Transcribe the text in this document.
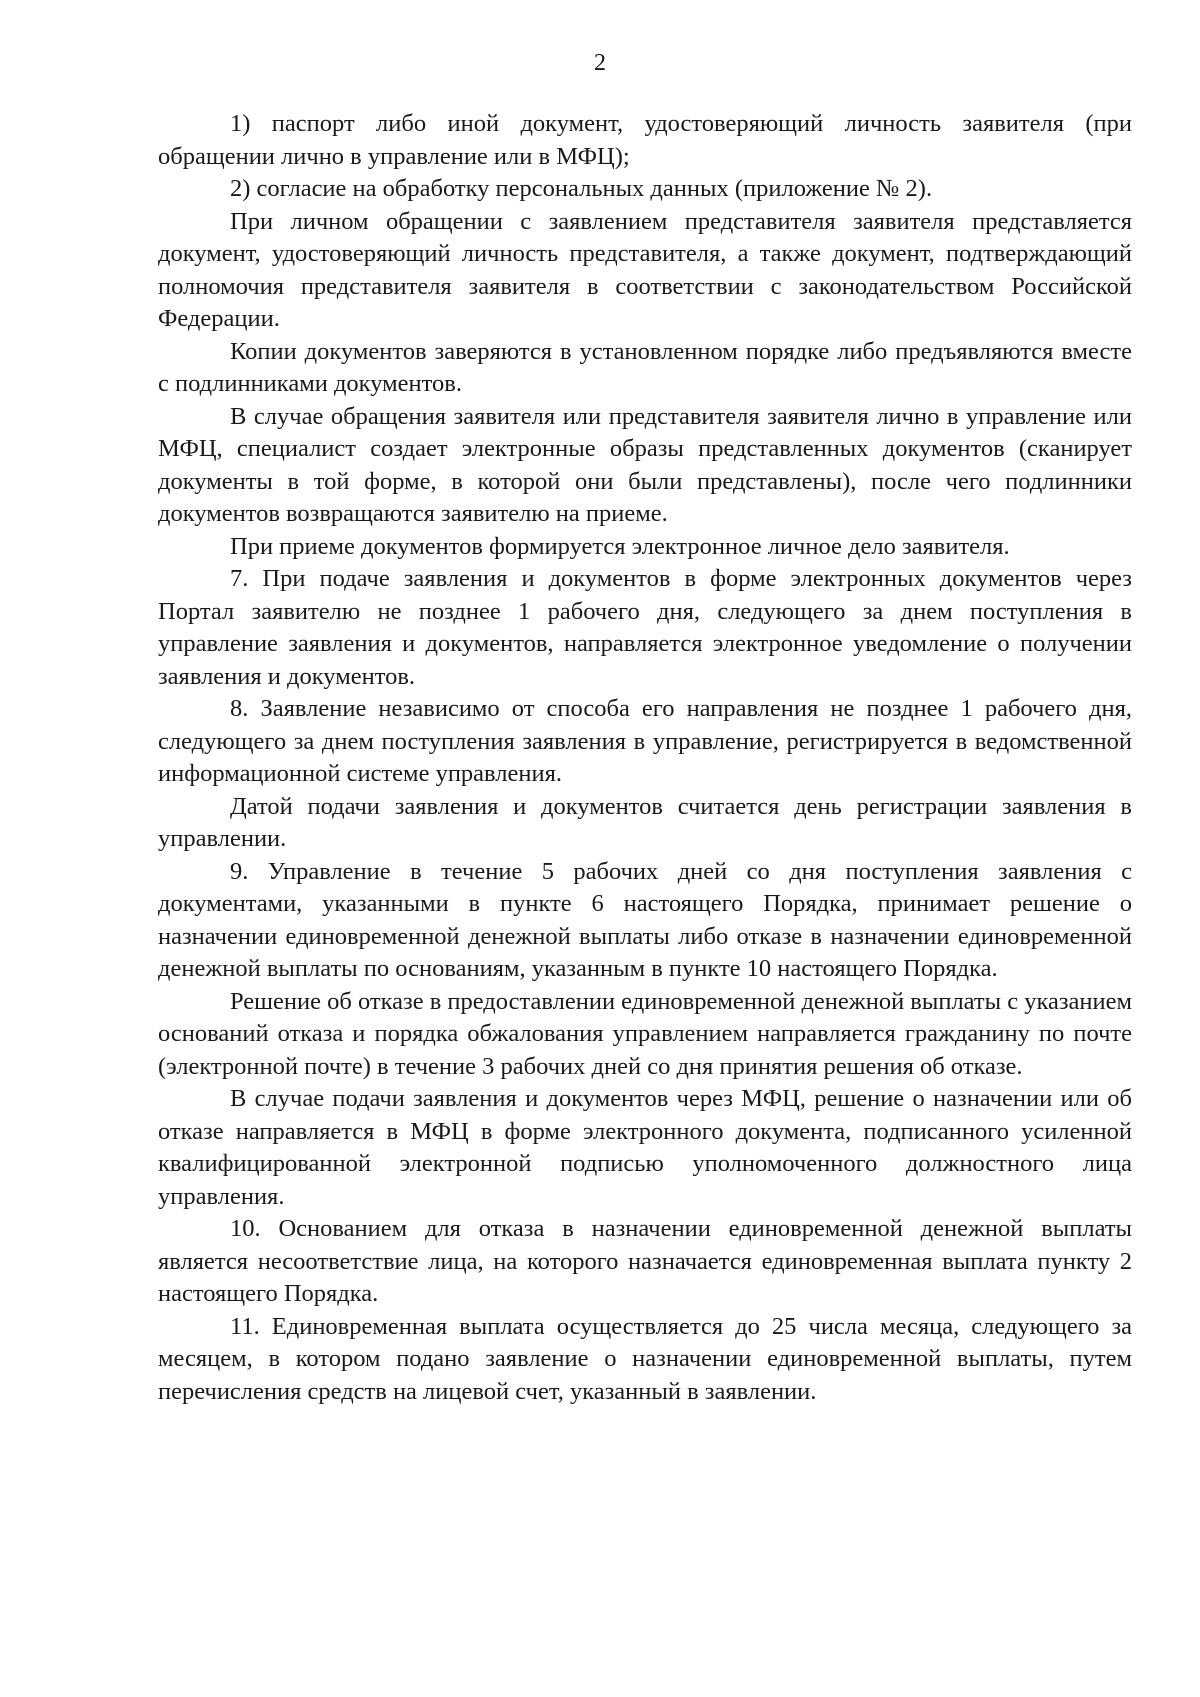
2

1) паспорт либо иной документ, удостоверяющий личность заявителя (при обращении лично в управление или в МФЦ);

2) согласие на обработку персональных данных (приложение № 2).

При личном обращении с заявлением представителя заявителя представляется документ, удостоверяющий личность представителя, а также документ, подтверждающий полномочия представителя заявителя в соответствии с законодательством Российской Федерации.

Копии документов заверяются в установленном порядке либо предъявляются вместе с подлинниками документов.

В случае обращения заявителя или представителя заявителя лично в управление или МФЦ, специалист создает электронные образы представленных документов (сканирует документы в той форме, в которой они были представлены), после чего подлинники документов возвращаются заявителю на приеме.

При приеме документов формируется электронное личное дело заявителя.

7. При подаче заявления и документов в форме электронных документов через Портал заявителю не позднее 1 рабочего дня, следующего за днем поступления в управление заявления и документов, направляется электронное уведомление о получении заявления и документов.

8. Заявление независимо от способа его направления не позднее 1 рабочего дня, следующего за днем поступления заявления в управление, регистрируется в ведомственной информационной системе управления.

Датой подачи заявления и документов считается день регистрации заявления в управлении.

9. Управление в течение 5 рабочих дней со дня поступления заявления с документами, указанными в пункте 6 настоящего Порядка, принимает решение о назначении единовременной денежной выплаты либо отказе в назначении единовременной денежной выплаты по основаниям, указанным в пункте 10 настоящего Порядка.

Решение об отказе в предоставлении единовременной денежной выплаты с указанием оснований отказа и порядка обжалования управлением направляется гражданину по почте (электронной почте) в течение 3 рабочих дней со дня принятия решения об отказе.

В случае подачи заявления и документов через МФЦ, решение о назначении или об отказе направляется в МФЦ в форме электронного документа, подписанного усиленной квалифицированной электронной подписью уполномоченного должностного лица управления.

10. Основанием для отказа в назначении единовременной денежной выплаты является несоответствие лица, на которого назначается единовременная выплата пункту 2 настоящего Порядка.

11. Единовременная выплата осуществляется до 25 числа месяца, следующего за месяцем, в котором подано заявление о назначении единовременной выплаты, путем перечисления средств на лицевой счет, указанный в заявлении.
